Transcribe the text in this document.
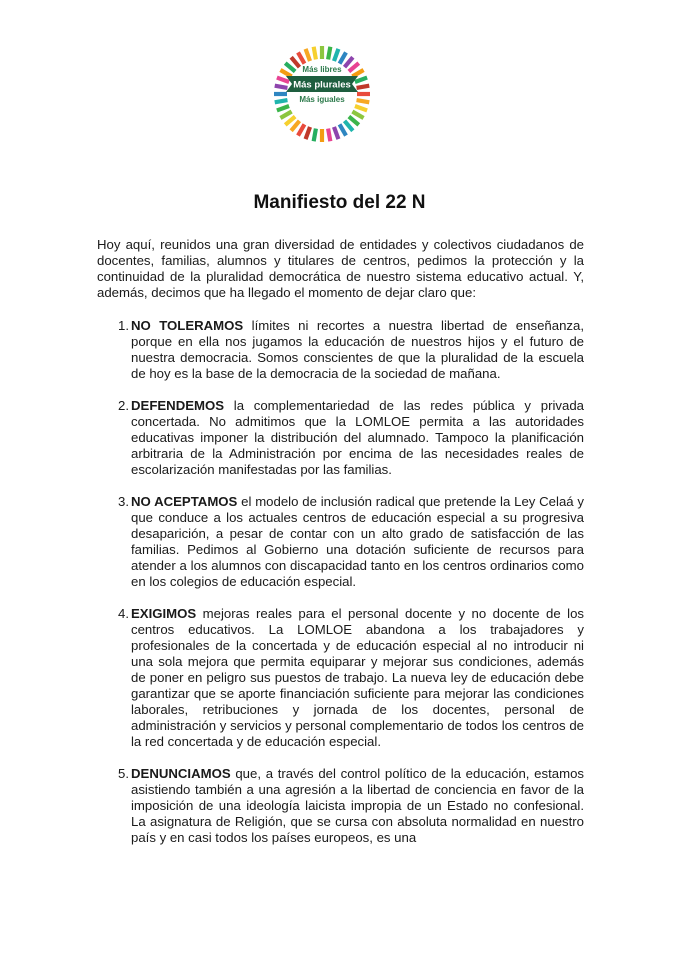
Más libres
Más plurales
Más iguales
Manifiesto del 22 N

Hoy aquí, reunidos una gran diversidad de entidades y colectivos ciudadanos de docentes, familias, alumnos y titulares de centros, pedimos la protección y la continuidad de la pluralidad democrática de nuestro sistema educativo actual. Y, además, decimos que ha llegado el momento de dejar claro que:

1. NO TOLERAMOS límites ni recortes a nuestra libertad de enseñanza, porque en ella nos jugamos la educación de nuestros hijos y el futuro de nuestra democracia. Somos conscientes de que la pluralidad de la escuela de hoy es la base de la democracia de la sociedad de mañana.
2. DEFENDEMOS la complementariedad de las redes pública y privada concertada. No admitimos que la LOMLOE permita a las autoridades educativas imponer la distribución del alumnado. Tampoco la planificación arbitraria de la Administración por encima de las necesidades reales de escolarización manifestadas por las familias.
3. NO ACEPTAMOS el modelo de inclusión radical que pretende la Ley Celaá y que conduce a los actuales centros de educación especial a su progresiva desaparición, a pesar de contar con un alto grado de satisfacción de las familias. Pedimos al Gobierno una dotación suficiente de recursos para atender a los alumnos con discapacidad tanto en los centros ordinarios como en los colegios de educación especial.
4. EXIGIMOS mejoras reales para el personal docente y no docente de los centros educativos. La LOMLOE abandona a los trabajadores y profesionales de la concertada y de educación especial al no introducir ni una sola mejora que permita equiparar y mejorar sus condiciones, además de poner en peligro sus puestos de trabajo. La nueva ley de educación debe garantizar que se aporte financiación suficiente para mejorar las condiciones laborales, retribuciones y jornada de los docentes, personal de administración y servicios y personal complementario de todos los centros de la red concertada y de educación especial.
5. DENUNCIAMOS que, a través del control político de la educación, estamos asistiendo también a una agresión a la libertad de conciencia en favor de la imposición de una ideología laicista impropia de un Estado no confesional. La asignatura de Religión, que se cursa con absoluta normalidad en nuestro país y en casi todos los países europeos, es una
